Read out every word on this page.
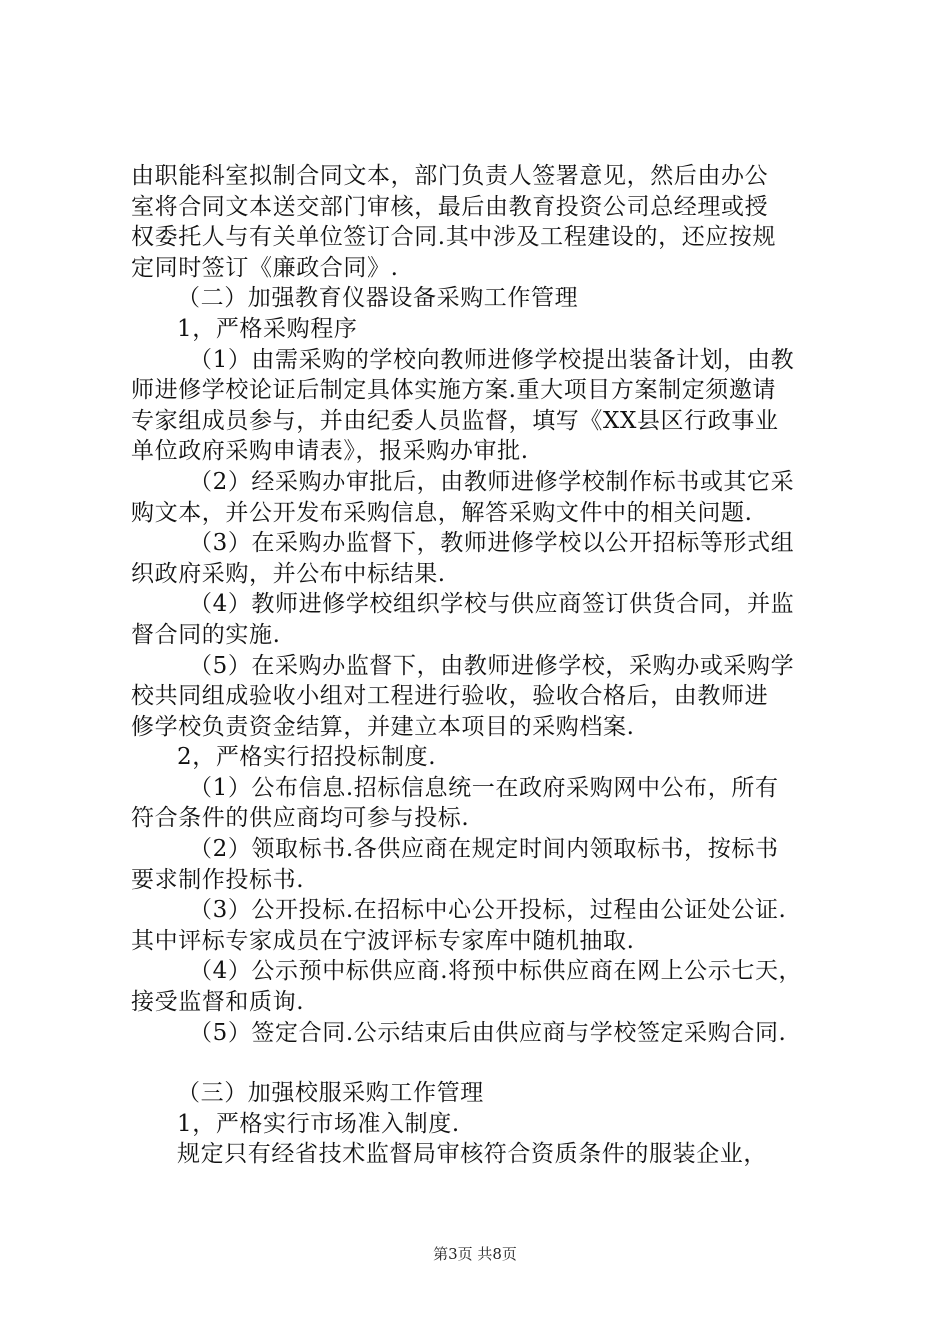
由职能科室拟制合同文本，部门负责人签署意见，然后由办公
室将合同文本送交部门审核，最后由教育投资公司总经理或授
权委托人与有关单位签订合同.其中涉及工程建设的，还应按规
定同时签订《廉政合同》.
（二）加强教育仪器设备采购工作管理
1，严格采购程序
（1）由需采购的学校向教师进修学校提出装备计划，由教
师进修学校论证后制定具体实施方案.重大项目方案制定须邀请
专家组成员参与，并由纪委人员监督，填写《XX县区行政事业
单位政府采购申请表》，报采购办审批.
（2）经采购办审批后，由教师进修学校制作标书或其它采
购文本，并公开发布采购信息，解答采购文件中的相关问题.
（3）在采购办监督下，教师进修学校以公开招标等形式组
织政府采购，并公布中标结果.
（4）教师进修学校组织学校与供应商签订供货合同，并监
督合同的实施.
（5）在采购办监督下，由教师进修学校，采购办或采购学
校共同组成验收小组对工程进行验收，验收合格后，由教师进
修学校负责资金结算，并建立本项目的采购档案.
2，严格实行招投标制度.
（1）公布信息.招标信息统一在政府采购网中公布，所有
符合条件的供应商均可参与投标.
（2）领取标书.各供应商在规定时间内领取标书，按标书
要求制作投标书.
（3）公开投标.在招标中心公开投标，过程由公证处公证.
其中评标专家成员在宁波评标专家库中随机抽取.
（4）公示预中标供应商.将预中标供应商在网上公示七天，
接受监督和质询.
（5）签定合同.公示结束后由供应商与学校签定采购合同.
（三）加强校服采购工作管理
1，严格实行市场准入制度.
规定只有经省技术监督局审核符合资质条件的服装企业，
第3页 共8页
